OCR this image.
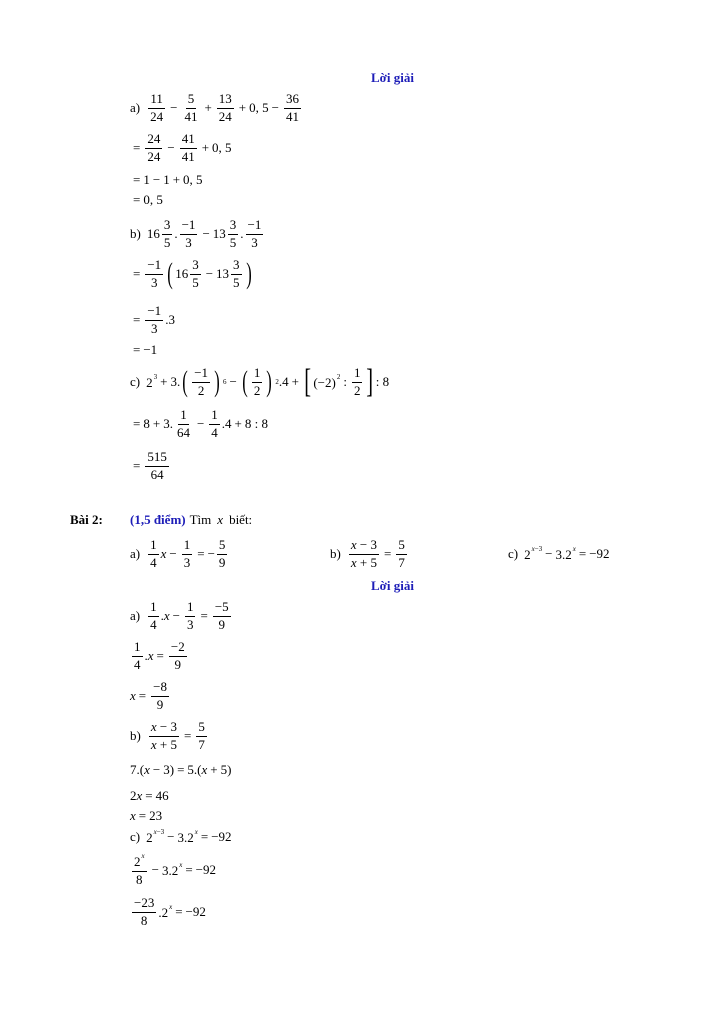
Lời giải
$a) \frac{11}{24} - \frac{5}{41} + \frac{13}{24} + 0$, $5 - \frac{36}{41}$
= $\frac{24}{24} - \frac{41}{41} + 0$, 5
= 1 − 1 + 0, 5
= 0, 5
b) $16 \frac{3}{5}$ . $\frac{-1}{3} - 13 \frac{3}{5}$ . $\frac{-1}{3}$
= $\frac{-1}{3}$ ( $16 \frac{3}{5} - 13 \frac{3}{5}$ )
= $\frac{-1}{3} .3$
= −1
c) $2^3 + 3$. ( $\frac{-1}{2}$ ) 6 − ( $\frac{1}{2}$ ) 2 .4 + [ $(-2)^2$ : $\frac{1}{2}$ ] : 8
= 8 + 3. $\frac{1}{64} - \frac{1}{4} .4 + 8$ : 8
= $\frac{515}{64}$
Bài 2: (1,5 điểm) Tìm x biết:
$a) \frac{1}{4}$ $x - \frac{1}{3}$ = − $\frac{5}{9}$	$b) \frac{x - 3}{x + 5} = \frac{5}{7}$	c) $2^{x-3} - 3.2^x = -92$
Lời giải
$a) \frac{1}{4}$ . $x - \frac{1}{3} = \frac{-5}{9}$
$\frac{1}{4}$ . $x = \frac{-2}{9}$
$x = \frac{-8}{9}$
$b) \frac{x - 3}{x + 5} = \frac{5}{7}$
7.( x − 3) = 5.( x + 5)
2 x = 46
x = 23
c) $2^{x-3} - 3.2^x = -92$
$\frac{2^x}{8} - 3.2^x = -92$
$\frac{-23}{8} .2^x = -92$
